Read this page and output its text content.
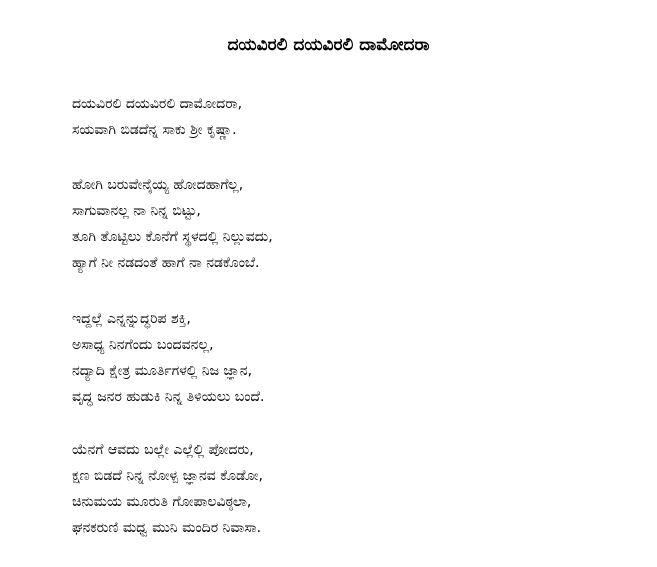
ದಯವಿರಲಿ ದಯವಿರಲಿ ದಾಮೋದರಾ
ದಯವಿರಲಿ ದಯವಿರಲಿ ದಾಮೋದರಾ,
ಸಯವಾಗಿ ಬಿಡದೆನ್ನ ಸಾಕು ಶ್ರೀ ಕೃಷ್ಣಾ.
ಹೋಗಿ ಬರುವೇನೈಯ್ಯ ಹೋದಹಾಗೆಲ್ಲ,
ಸಾಗುವಾನಲ್ಲ ನಾ ನಿನ್ನ ಬಿಟ್ಟು,
ತೂಗಿ ತೊಟ್ಟಿಲು ಕೊನೆಗೆ ಸ್ಥಳದಲ್ಲಿ ನಿಲ್ಲುವದು,
ಹ್ಯಾಗೆ ನೀ ನಡದಂತೆ ಹಾಗೆ ನಾ ನಡಕೊಂಬೆ.
ಇದ್ದಲ್ಲೆ ಎನ್ನನ್ನುದ್ಧರಿಪ ಶಕ್ತಿ,
ಅಸಾಧ್ಯ ನಿನಗೆಂದು ಬಂದವನಲ್ಲ,
ನದ್ಯಾದಿ ಕ್ಷೇತ್ರ ಮೂರ್ತಿಗಳಲ್ಲಿ ನಿಜ ಜ್ಞಾನ,
ವೃದ್ಧ ಜನರ ಹುಡುಕಿ ನಿನ್ನ ತಿಳಿಯಲು ಬಂದೆ.
ಯೆನಗೆ ಆವದು ಬಲ್ಲೇ ಎಲ್ಲೆಲ್ಲಿ ಪೋದರು,
ಕ್ಷಣ ಬಿಡದೆ ನಿನ್ನ ನೋಳ್ಪ ಜ್ಞಾನವ ಕೊಡೋ,
ಚಿನುಮಯ ಮೂರುತಿ ಗೋಪಾಲವಿಠ್ಠಲಾ,
ಘನಕರುಣಿ ಮಧ್ವ ಮುನಿ ಮಂದಿರ ನಿವಾಸಾ.
